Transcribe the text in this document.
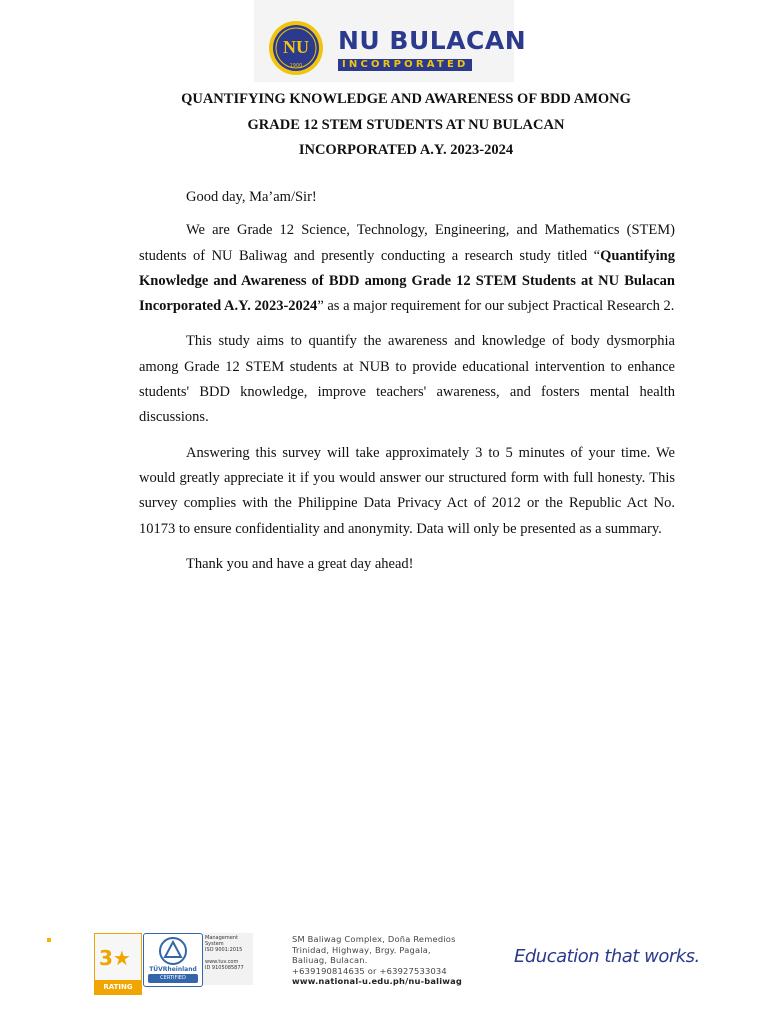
NU
1900
NU BULACAN
INCORPORATED
QUANTIFYING KNOWLEDGE AND AWARENESS OF BDD AMONG
GRADE 12 STEM STUDENTS AT NU BULACAN
INCORPORATED A.Y. 2023-2024

Good day, Ma’am/Sir!

We are Grade 12 Science, Technology, Engineering, and Mathematics (STEM) students of NU Baliwag and presently conducting a research study titled “Quantifying Knowledge and Awareness of BDD among Grade 12 STEM Students at NU Bulacan Incorporated A.Y. 2023-2024” as a major requirement for our subject Practical Research 2.

This study aims to quantify the awareness and knowledge of body dysmorphia among Grade 12 STEM students at NUB to provide educational intervention to enhance students' BDD knowledge, improve teachers' awareness, and fosters mental health discussions.

Answering this survey will take approximately 3 to 5 minutes of your time. We would greatly appreciate it if you would answer our structured form with full honesty. This survey complies with the Philippine Data Privacy Act of 2012 or the Republic Act No. 10173 to ensure confidentiality and anonymity. Data will only be presented as a summary.

Thank you and have a great day ahead!

3★
RATING
TÜVRheinland
CERTIFIED
Management
System
ISO 9001:2015

www.tuv.com
ID 9105085877
SM Baliwag Complex, Doña Remedios
Trinidad, Highway, Brgy. Pagala,
Baliuag, Bulacan.
+639190814635 or +63927533034
www.national-u.edu.ph/nu-baliwag
Education that works.
